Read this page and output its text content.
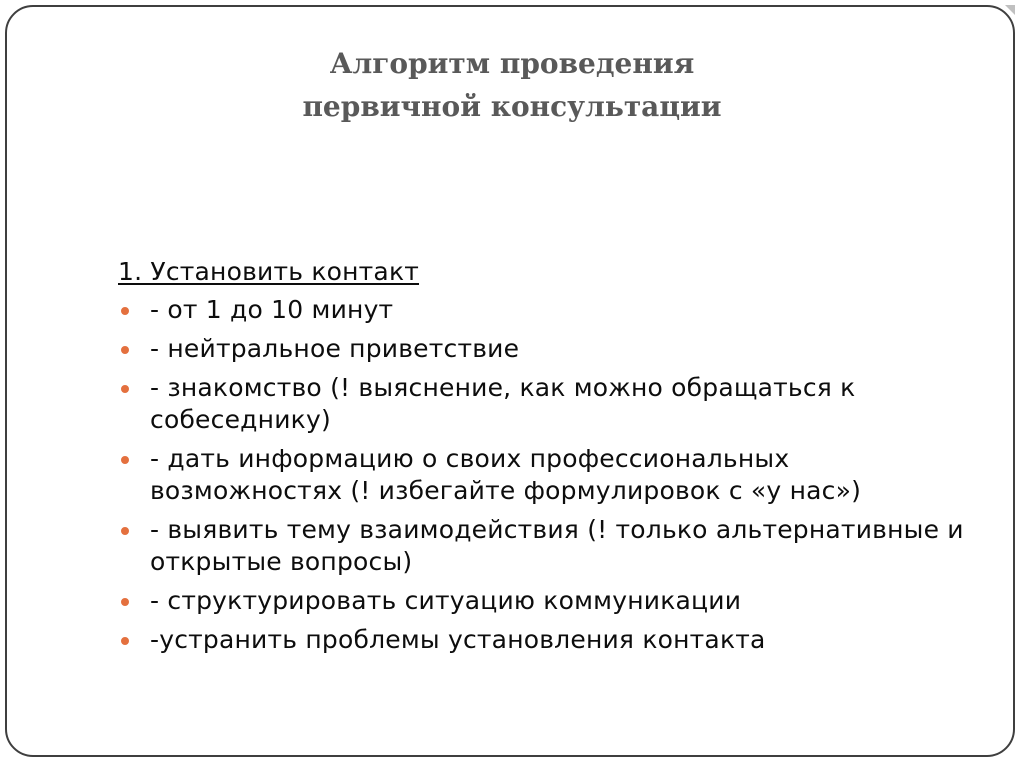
Алгоритм проведения
первичной консультации
1. Установить контакт
- от 1 до 10 минут
- нейтральное приветствие
- знакомство (! выяснение, как можно обращаться к собеседнику)
- дать информацию о своих профессиональных возможностях (! избегайте формулировок с «у нас»)
- выявить тему взаимодействия (! только альтернативные и открытые вопросы)
- структурировать ситуацию коммуникации
-устранить проблемы установления контакта
